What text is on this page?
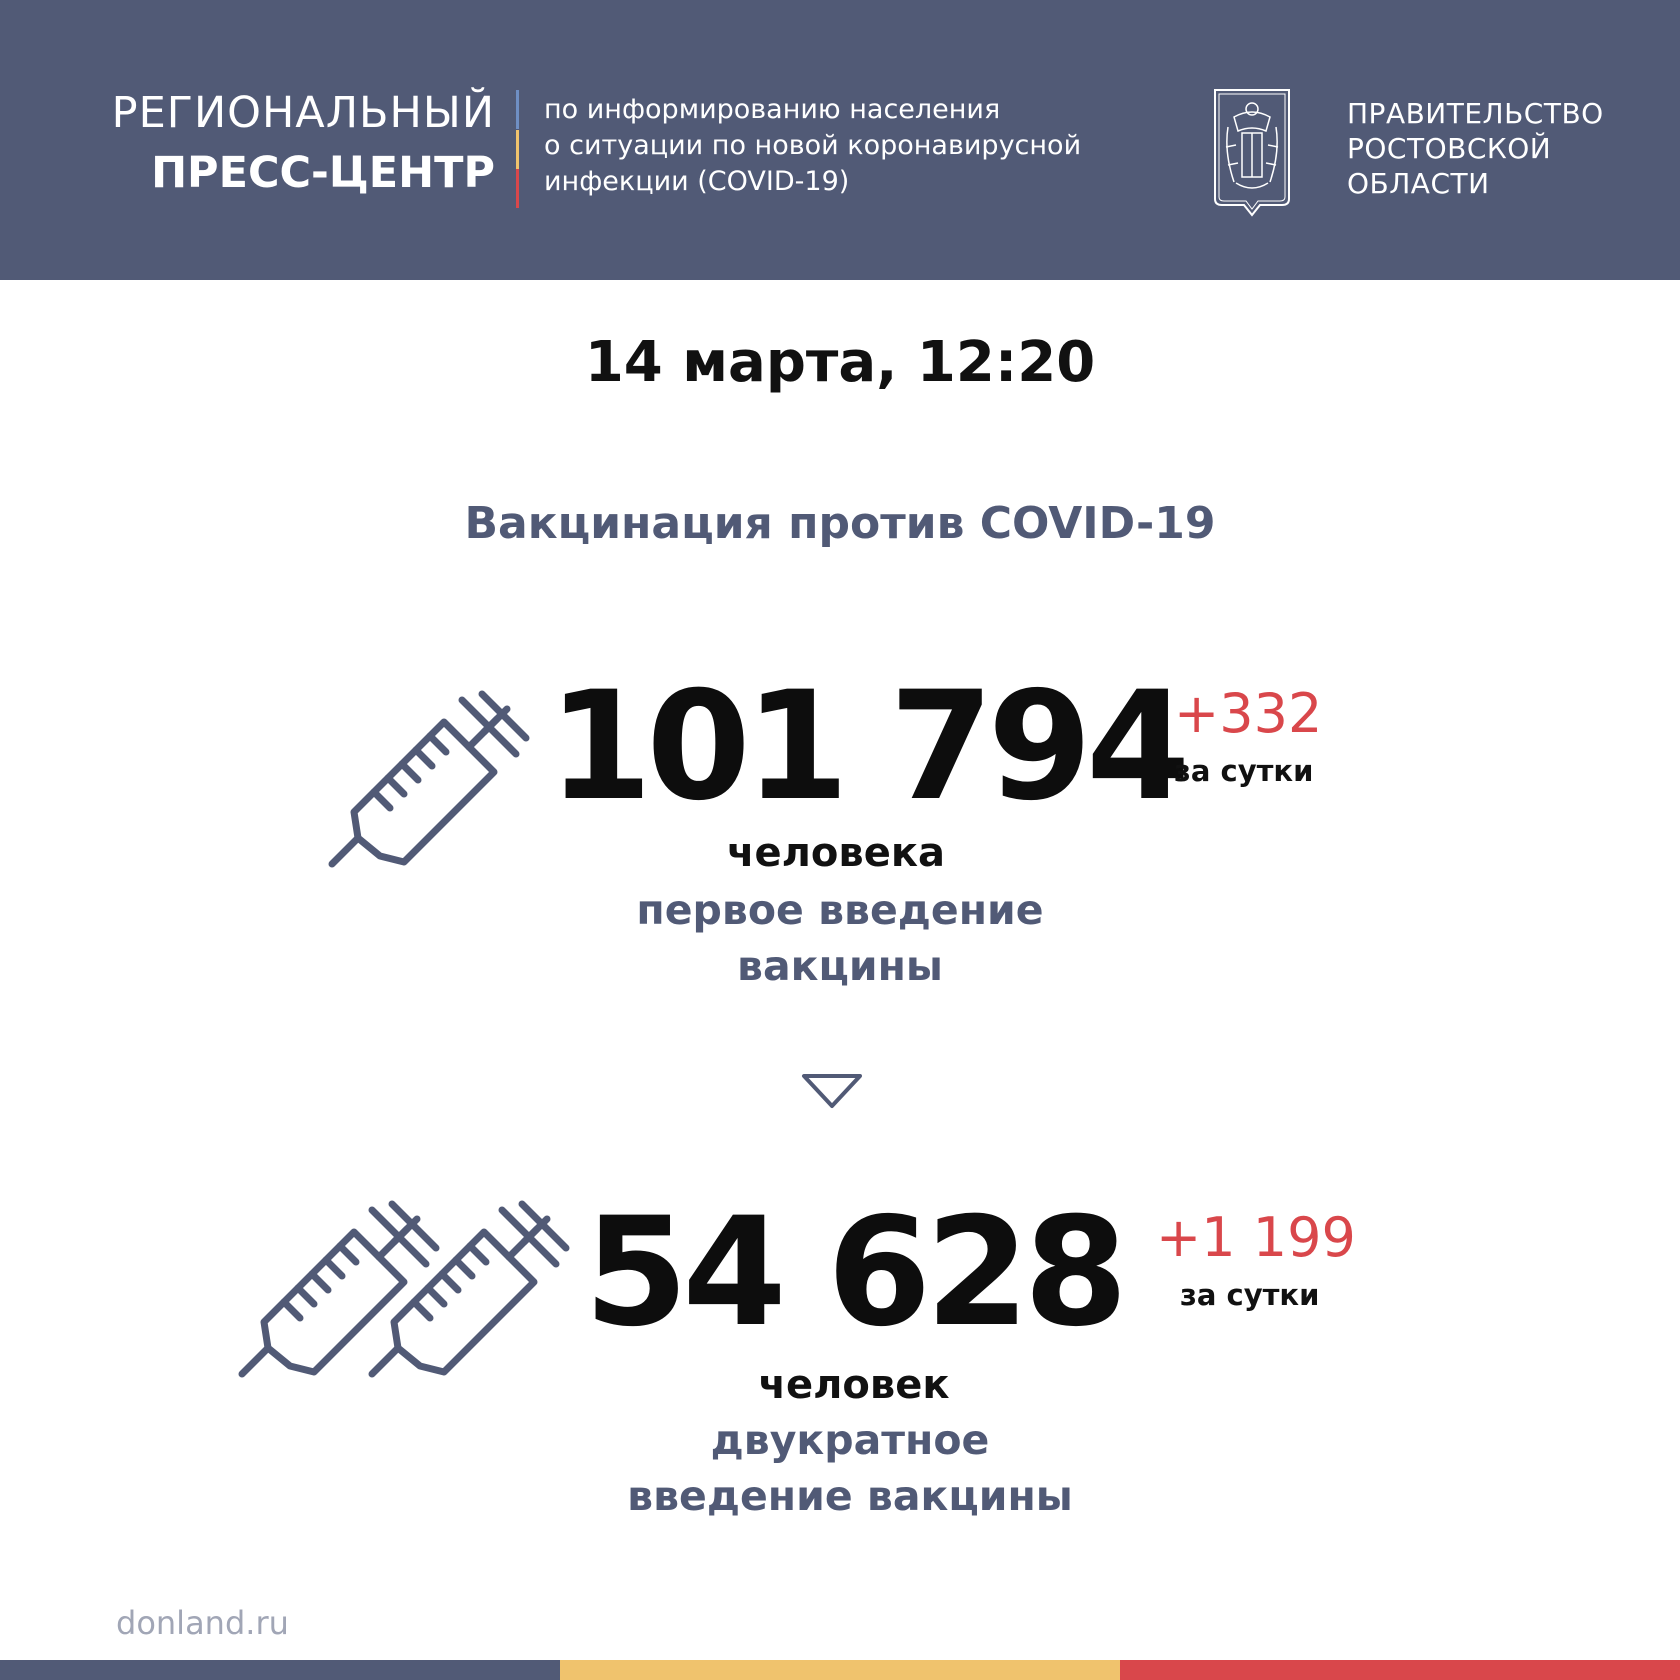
РЕГИОНАЛЬНЫЙ
ПРЕСС-ЦЕНТР
по информированию населения
о ситуации по новой коронавирусной
инфекции (COVID-19)
ПРАВИТЕЛЬСТВО
РОСТОВСКОЙ
ОБЛАСТИ
14 марта, 12:20
Вакцинация против COVID-19
101 794
+332
за сутки
человека
первое введение
вакцины
54 628 +1 199
за сутки
человек
двукратное
введение вакцины
donland.ru
